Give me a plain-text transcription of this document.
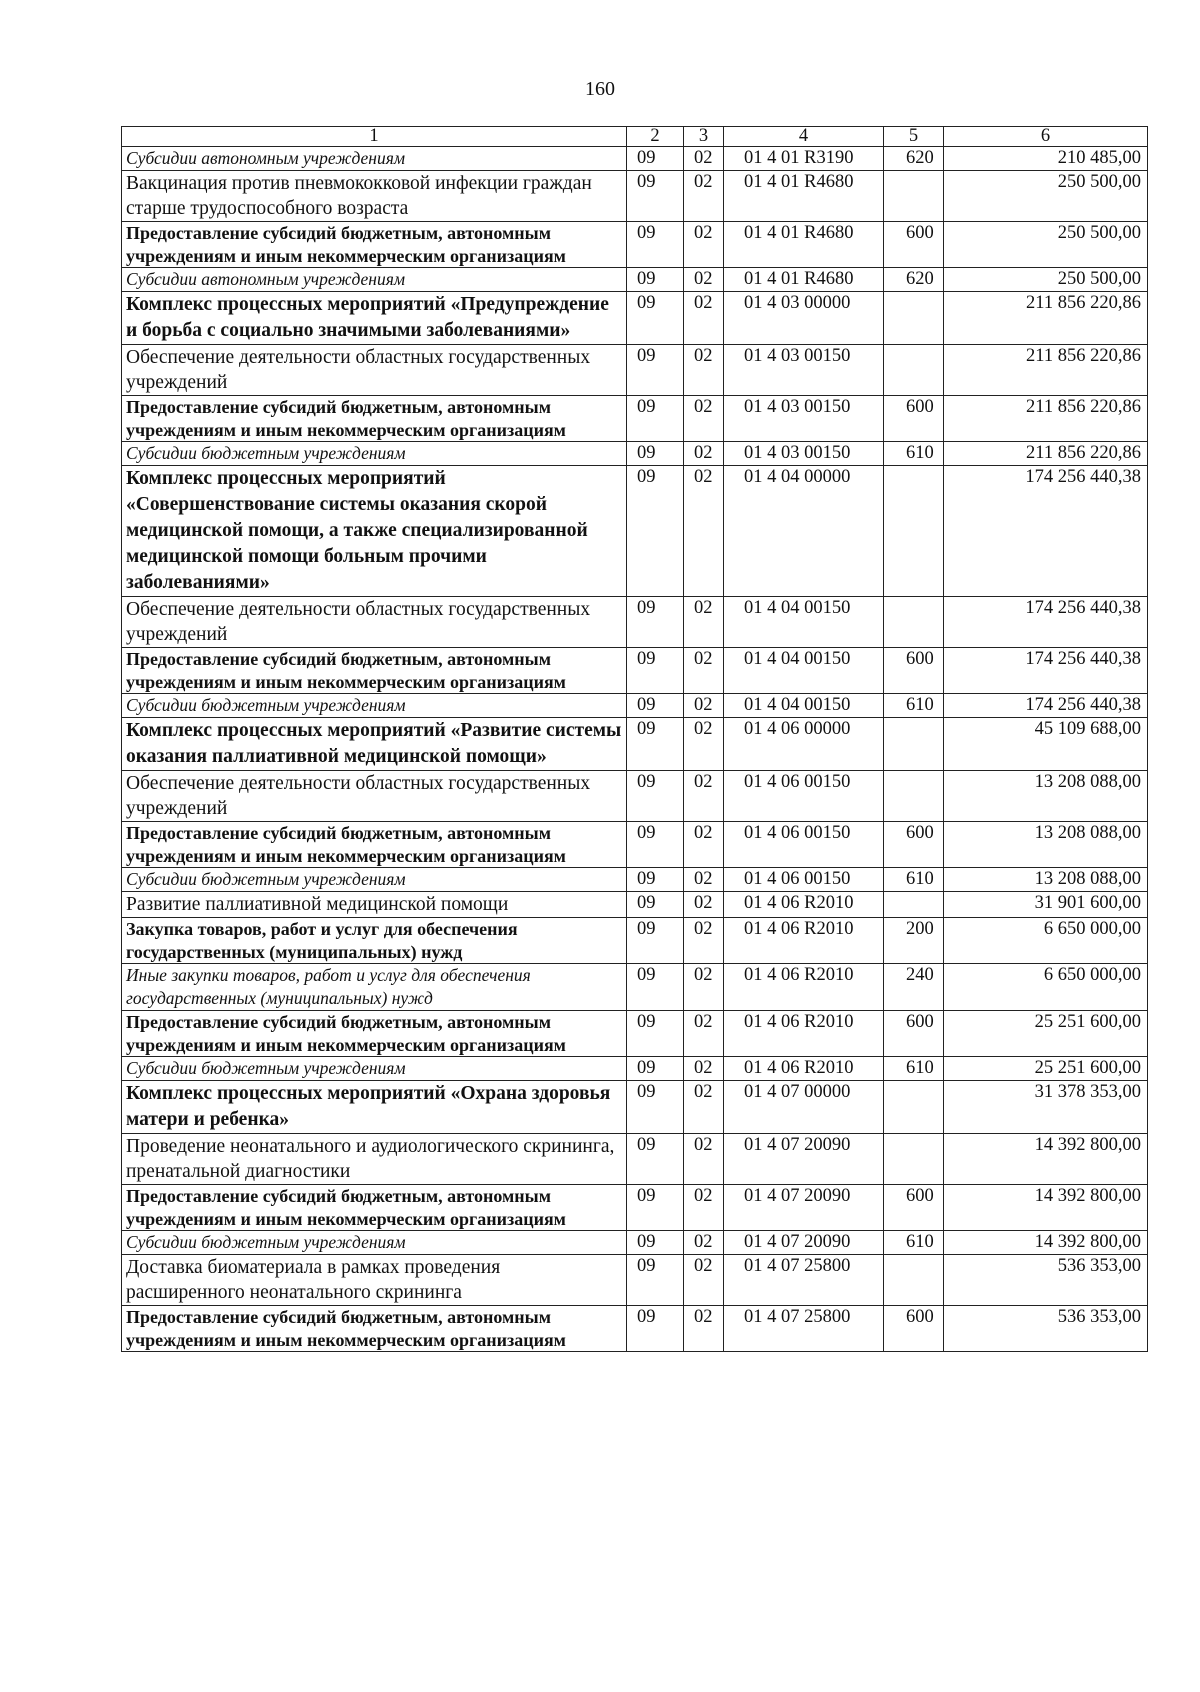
160
1	2	3	4	5	6
Субсидии автономным учреждениям	09	02	01 4 01 R3190	620	210 485,00
Вакцинация против пневмококковой инфекции граждан старше трудоспособного возраста	09	02	01 4 01 R4680		250 500,00
Предоставление субсидий бюджетным, автономным учреждениям и иным некоммерческим организациям	09	02	01 4 01 R4680	600	250 500,00
Субсидии автономным учреждениям	09	02	01 4 01 R4680	620	250 500,00
Комплекс процессных мероприятий «Предупреждение и борьба с социально значимыми заболеваниями»	09	02	01 4 03 00000		211 856 220,86
Обеспечение деятельности областных государственных учреждений	09	02	01 4 03 00150		211 856 220,86
Предоставление субсидий бюджетным, автономным учреждениям и иным некоммерческим организациям	09	02	01 4 03 00150	600	211 856 220,86
Субсидии бюджетным учреждениям	09	02	01 4 03 00150	610	211 856 220,86
Комплекс процессных мероприятий «Совершенствование системы оказания скорой медицинской помощи, а также специализированной медицинской помощи больным прочими заболеваниями»	09	02	01 4 04 00000		174 256 440,38
Обеспечение деятельности областных государственных учреждений	09	02	01 4 04 00150		174 256 440,38
Предоставление субсидий бюджетным, автономным учреждениям и иным некоммерческим организациям	09	02	01 4 04 00150	600	174 256 440,38
Субсидии бюджетным учреждениям	09	02	01 4 04 00150	610	174 256 440,38
Комплекс процессных мероприятий «Развитие системы оказания паллиативной медицинской помощи»	09	02	01 4 06 00000		45 109 688,00
Обеспечение деятельности областных государственных учреждений	09	02	01 4 06 00150		13 208 088,00
Предоставление субсидий бюджетным, автономным учреждениям и иным некоммерческим организациям	09	02	01 4 06 00150	600	13 208 088,00
Субсидии бюджетным учреждениям	09	02	01 4 06 00150	610	13 208 088,00
Развитие паллиативной медицинской помощи	09	02	01 4 06 R2010		31 901 600,00
Закупка товаров, работ и услуг для обеспечения государственных (муниципальных) нужд	09	02	01 4 06 R2010	200	6 650 000,00
Иные закупки товаров, работ и услуг для обеспечения государственных (муниципальных) нужд	09	02	01 4 06 R2010	240	6 650 000,00
Предоставление субсидий бюджетным, автономным учреждениям и иным некоммерческим организациям	09	02	01 4 06 R2010	600	25 251 600,00
Субсидии бюджетным учреждениям	09	02	01 4 06 R2010	610	25 251 600,00
Комплекс процессных мероприятий «Охрана здоровья матери и ребенка»	09	02	01 4 07 00000		31 378 353,00
Проведение неонатального и аудиологического скрининга, пренатальной диагностики	09	02	01 4 07 20090		14 392 800,00
Предоставление субсидий бюджетным, автономным учреждениям и иным некоммерческим организациям	09	02	01 4 07 20090	600	14 392 800,00
Субсидии бюджетным учреждениям	09	02	01 4 07 20090	610	14 392 800,00
Доставка биоматериала в рамках проведения расширенного неонатального скрининга	09	02	01 4 07 25800		536 353,00
Предоставление субсидий бюджетным, автономным учреждениям и иным некоммерческим организациям	09	02	01 4 07 25800	600	536 353,00
